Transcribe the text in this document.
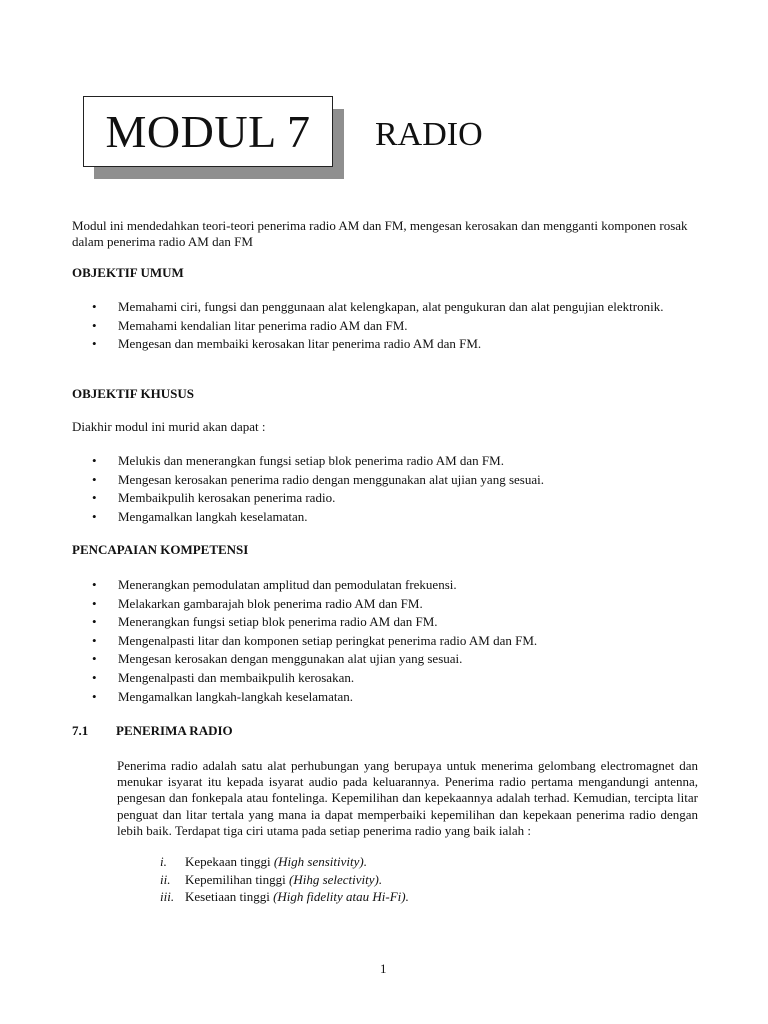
MODUL 7 RADIO
Modul ini mendedahkan teori-teori penerima radio AM dan FM, mengesan kerosakan dan mengganti komponen rosak dalam penerima radio AM dan FM
OBJEKTIF UMUM
• Memahami ciri, fungsi dan penggunaan alat kelengkapan, alat pengukuran dan alat pengujian elektronik.
• Memahami kendalian litar penerima radio AM dan FM.
• Mengesan dan membaiki kerosakan litar penerima radio AM dan FM.
OBJEKTIF KHUSUS
Diakhir modul ini murid akan dapat :
• Melukis dan menerangkan fungsi setiap blok penerima radio AM dan FM.
• Mengesan kerosakan penerima radio dengan menggunakan alat ujian yang sesuai.
• Membaikpulih kerosakan penerima radio.
• Mengamalkan langkah keselamatan.
PENCAPAIAN KOMPETENSI
• Menerangkan pemodulatan amplitud dan pemodulatan frekuensi.
• Melakarkan gambarajah blok penerima radio AM dan FM.
• Menerangkan fungsi setiap blok penerima radio AM dan FM.
• Mengenalpasti litar dan komponen setiap peringkat penerima radio AM dan FM.
• Mengesan kerosakan dengan menggunakan alat ujian yang sesuai.
• Mengenalpasti dan membaikpulih kerosakan.
• Mengamalkan langkah-langkah keselamatan.
7.1 PENERIMA RADIO
Penerima radio adalah satu alat perhubungan yang berupaya untuk menerima gelombang electromagnet dan menukar isyarat itu kepada isyarat audio pada keluarannya. Penerima radio pertama mengandungi antenna, pengesan dan fonkepala atau fontelinga. Kepemilihan dan kepekaannya adalah terhad. Kemudian, tercipta litar penguat dan litar tertala yang mana ia dapat memperbaiki kepemilihan dan kepekaan penerima radio dengan lebih baik. Terdapat tiga ciri utama pada setiap penerima radio yang baik ialah :
i. Kepekaan tinggi (High sensitivity).
ii. Kepemilihan tinggi (Hihg selectivity).
iii. Kesetiaan tinggi (High fidelity atau Hi-Fi).
1
